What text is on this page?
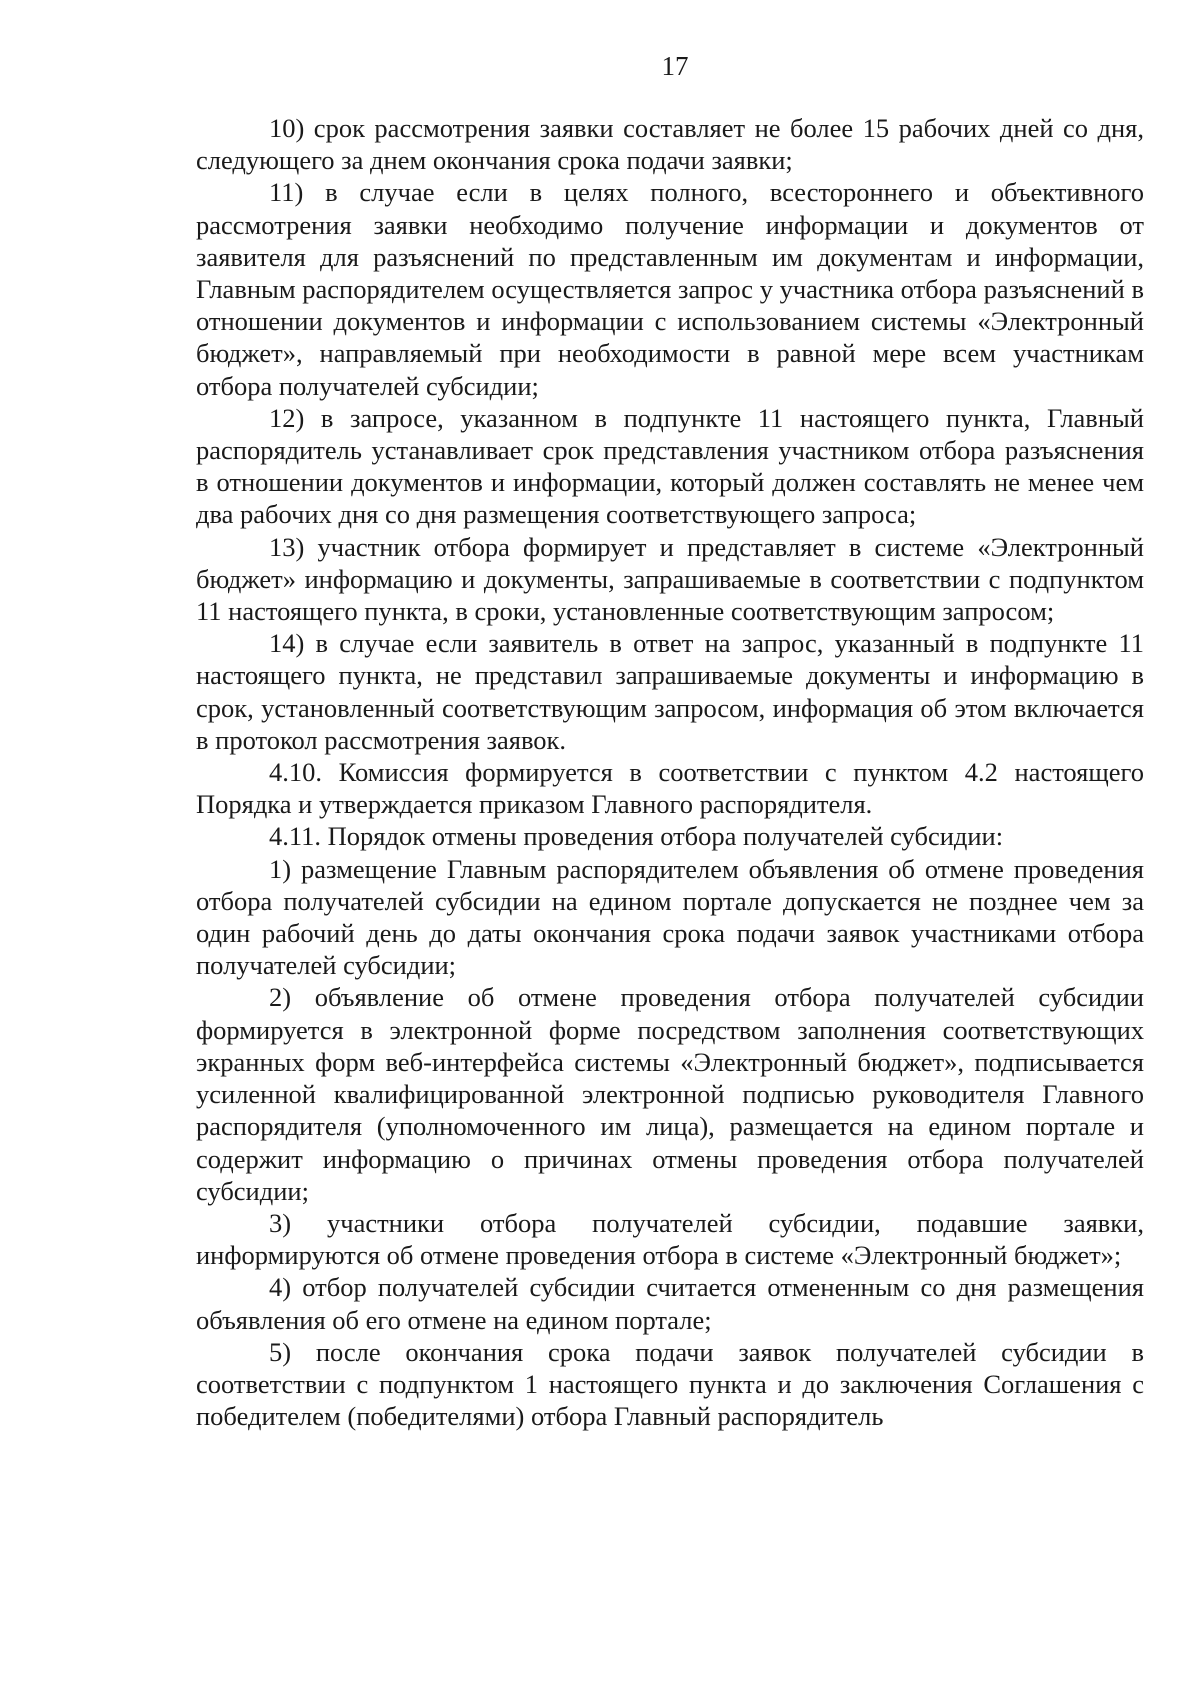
17

10) срок рассмотрения заявки составляет не более 15 рабочих дней со дня, следующего за днем окончания срока подачи заявки;

11) в случае если в целях полного, всестороннего и объективного рассмотрения заявки необходимо получение информации и документов от заявителя для разъяснений по представленным им документам и информации, Главным распорядителем осуществляется запрос у участника отбора разъяснений в отношении документов и информации с использованием системы «Электронный бюджет», направляемый при необходимости в равной мере всем участникам отбора получателей субсидии;

12) в запросе, указанном в подпункте 11 настоящего пункта, Главный распорядитель устанавливает срок представления участником отбора разъяснения в отношении документов и информации, который должен составлять не менее чем два рабочих дня со дня размещения соответствующего запроса;

13) участник отбора формирует и представляет в системе «Электронный бюджет» информацию и документы, запрашиваемые в соответствии с подпунктом 11 настоящего пункта, в сроки, установленные соответствующим запросом;

14) в случае если заявитель в ответ на запрос, указанный в подпункте 11 настоящего пункта, не представил запрашиваемые документы и информацию в срок, установленный соответствующим запросом, информация об этом включается в протокол рассмотрения заявок.

4.10. Комиссия формируется в соответствии с пунктом 4.2 настоящего Порядка и утверждается приказом Главного распорядителя.

4.11. Порядок отмены проведения отбора получателей субсидии:

1) размещение Главным распорядителем объявления об отмене проведения отбора получателей субсидии на едином портале допускается не позднее чем за один рабочий день до даты окончания срока подачи заявок участниками отбора получателей субсидии;

2) объявление об отмене проведения отбора получателей субсидии формируется в электронной форме посредством заполнения соответствующих экранных форм веб-интерфейса системы «Электронный бюджет», подписывается усиленной квалифицированной электронной подписью руководителя Главного распорядителя (уполномоченного им лица), размещается на едином портале и содержит информацию о причинах отмены проведения отбора получателей субсидии;

3) участники отбора получателей субсидии, подавшие заявки, информируются об отмене проведения отбора в системе «Электронный бюджет»;

4) отбор получателей субсидии считается отмененным со дня размещения объявления об его отмене на едином портале;

5) после окончания срока подачи заявок получателей субсидии в соответствии с подпунктом 1 настоящего пункта и до заключения Соглашения с победителем (победителями) отбора Главный распорядитель
